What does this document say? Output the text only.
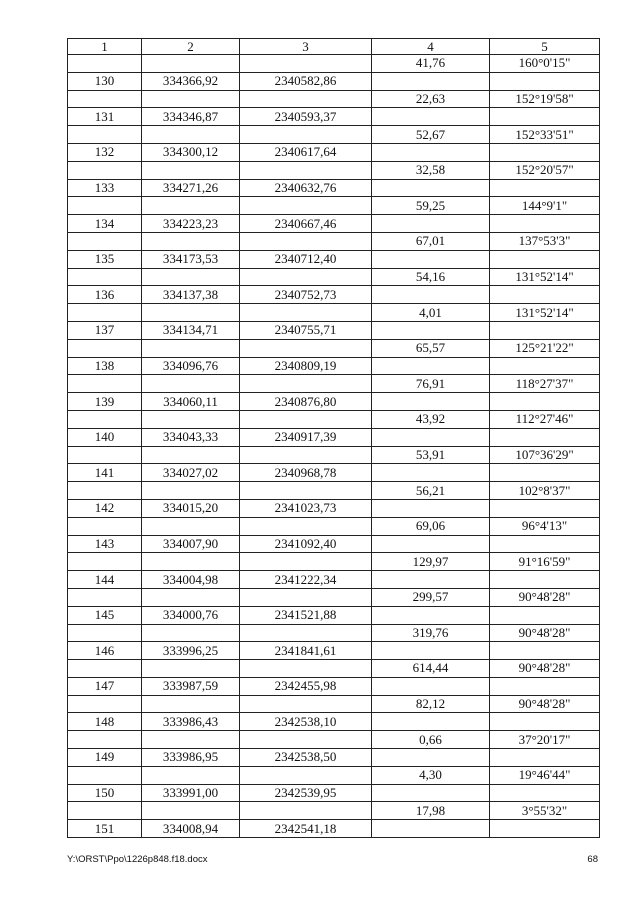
1	2	3	4	5
			41,76	160°0'15"
130	334366,92	2340582,86		
			22,63	152°19'58"
131	334346,87	2340593,37		
			52,67	152°33'51"
132	334300,12	2340617,64		
			32,58	152°20'57"
133	334271,26	2340632,76		
			59,25	144°9'1"
134	334223,23	2340667,46		
			67,01	137°53'3"
135	334173,53	2340712,40		
			54,16	131°52'14"
136	334137,38	2340752,73		
			4,01	131°52'14"
137	334134,71	2340755,71		
			65,57	125°21'22"
138	334096,76	2340809,19		
			76,91	118°27'37"
139	334060,11	2340876,80		
			43,92	112°27'46"
140	334043,33	2340917,39		
			53,91	107°36'29"
141	334027,02	2340968,78		
			56,21	102°8'37"
142	334015,20	2341023,73		
			69,06	96°4'13"
143	334007,90	2341092,40		
			129,97	91°16'59"
144	334004,98	2341222,34		
			299,57	90°48'28"
145	334000,76	2341521,88		
			319,76	90°48'28"
146	333996,25	2341841,61		
			614,44	90°48'28"
147	333987,59	2342455,98		
			82,12	90°48'28"
148	333986,43	2342538,10		
			0,66	37°20'17"
149	333986,95	2342538,50		
			4,30	19°46'44"
150	333991,00	2342539,95		
			17,98	3°55'32"
151	334008,94	2342541,18		
Y:\ORST\Ppo\1226p848.f18.docx	68
